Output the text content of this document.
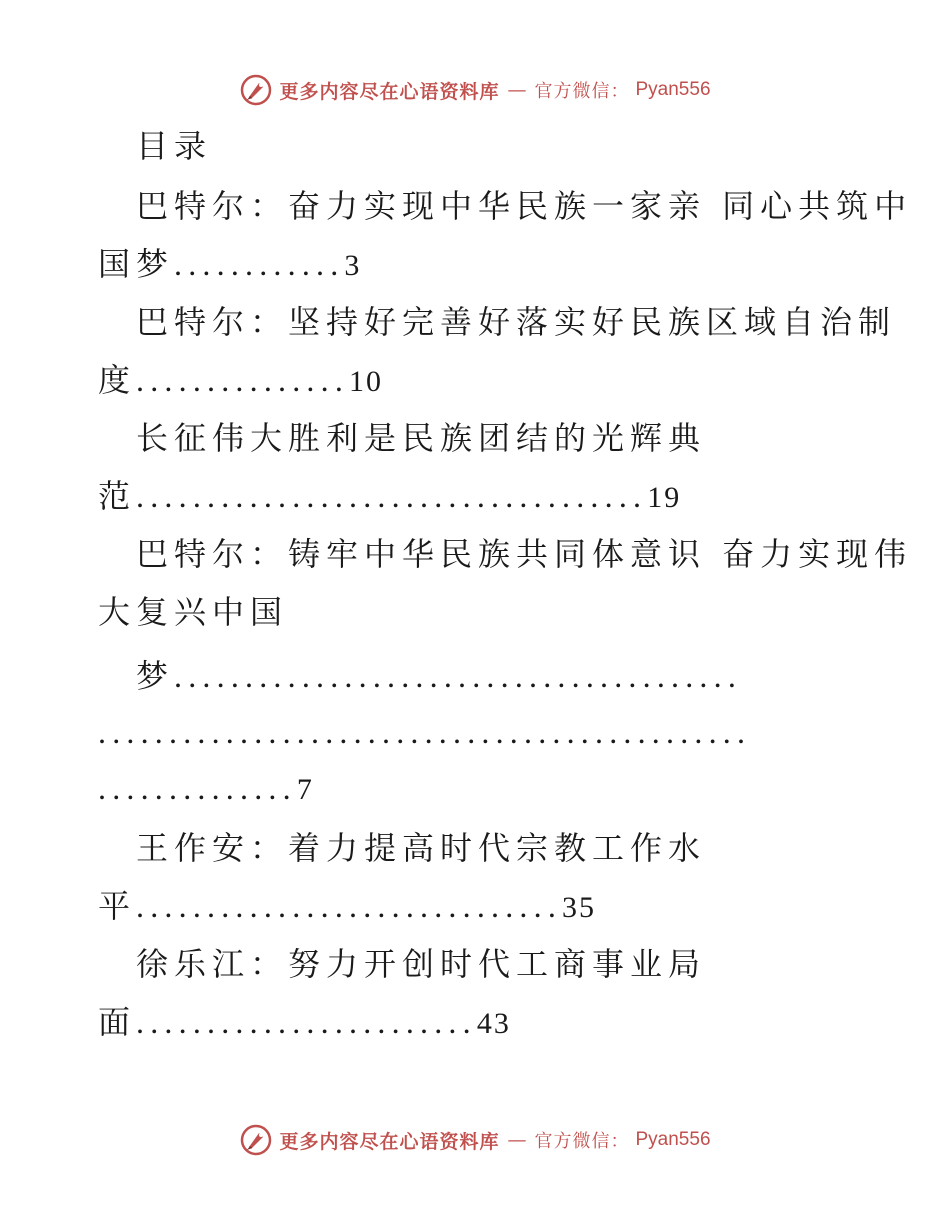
更多内容尽在心语资料库 — 官方微信： Pyan556
目录
巴特尔：奋力实现中华民族一家亲 同心共筑中
国梦............3
巴特尔：坚持好完善好落实好民族区域自治制
度...............10
长征伟大胜利是民族团结的光辉典
范....................................19
巴特尔：铸牢中华民族共同体意识 奋力实现伟
大复兴中国
梦........................................
..............................................
..............7
王作安：着力提高时代宗教工作水
平..............................35
徐乐江：努力开创时代工商事业局
面........................43
更多内容尽在心语资料库 — 官方微信： Pyan556
